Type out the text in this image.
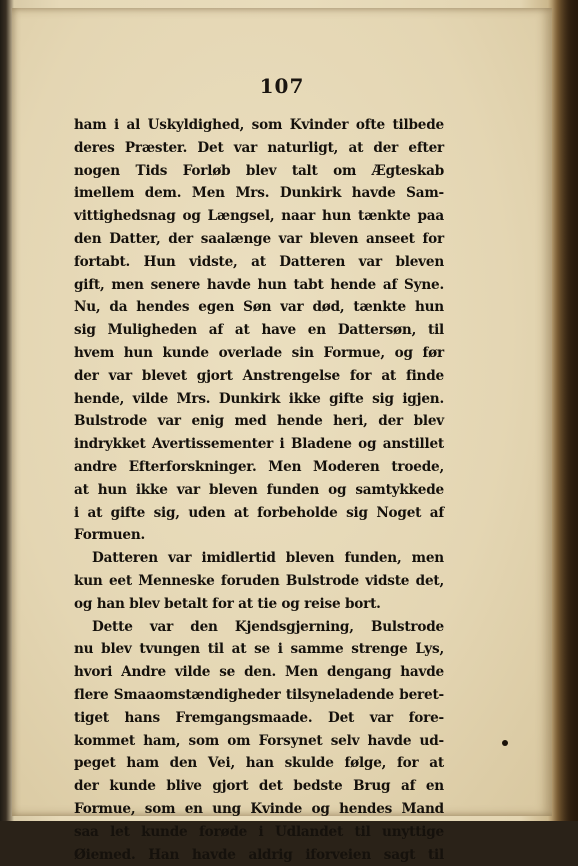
107
ham i al Uskyldighed, som Kvinder ofte tilbede
deres Præster. Det var naturligt, at der efter
nogen Tids Forløb blev talt om Ægteskab
imellem dem. Men Mrs. Dunkirk havde Sam-
vittighedsnag og Længsel, naar hun tænkte paa
den Datter, der saalænge var bleven anseet for
fortabt. Hun vidste, at Datteren var bleven
gift, men senere havde hun tabt hende af Syne.
Nu, da hendes egen Søn var død, tænkte hun
sig Muligheden af at have en Dattersøn, til
hvem hun kunde overlade sin Formue, og før
der var blevet gjort Anstrengelse for at finde
hende, vilde Mrs. Dunkirk ikke gifte sig igjen.
Bulstrode var enig med hende heri, der blev
indrykket Avertissementer i Bladene og anstillet
andre Efterforskninger. Men Moderen troede,
at hun ikke var bleven funden og samtykkede
i at gifte sig, uden at forbeholde sig Noget af
Formuen.
Datteren var imidlertid bleven funden, men
kun eet Menneske foruden Bulstrode vidste det,
og han blev betalt for at tie og reise bort.
Dette var den Kjendsgjerning, Bulstrode
nu blev tvungen til at se i samme strenge Lys,
hvori Andre vilde se den. Men dengang havde
flere Smaaomstændigheder tilsyneladende beret-
tiget hans Fremgangsmaade. Det var fore-
kommet ham, som om Forsynet selv havde ud-
peget ham den Vei, han skulde følge, for at
der kunde blive gjort det bedste Brug af en
Formue, som en ung Kvinde og hendes Mand
saa let kunde forøde i Udlandet til unyttige
Øiemed. Han havde aldrig iforveien sagt til
